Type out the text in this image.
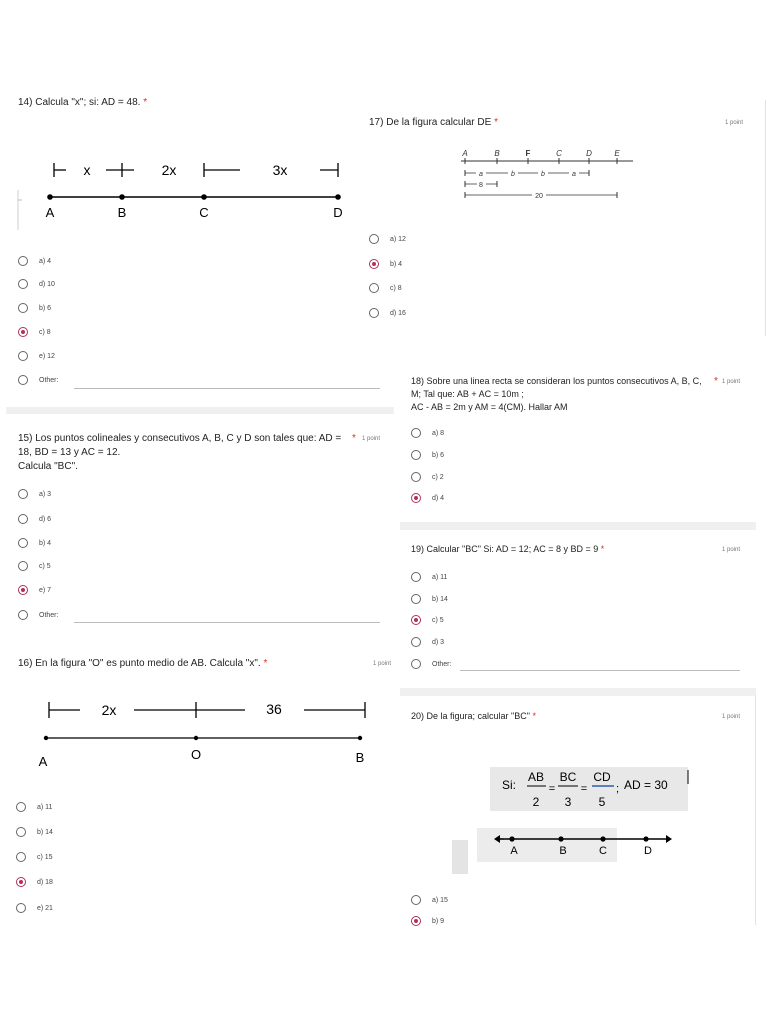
14) Calcula "x"; si: AD = 48. *
x	2x	3x
A	B	C	D
a) 4
d) 10
b) 6
c) 8
e) 12
Other:
15) Los puntos colineales y consecutivos A, B, C y D son tales que: AD = * 1 point
18, BD = 13 y AC = 12.
Calcula "BC".
a) 3
d) 6
b) 4
c) 5
e) 7
Other:
16) En la figura "O" es punto medio de AB. Calcula "x". *	1 point
2x	36
A	O	B
a) 11
b) 14
c) 15
d) 18
e) 21
17) De la figura calcular DE *	1 point
A	B	F	C	D	E
a	b	b	a
8
20
a) 12
b) 4
c) 8
d) 16
18) Sobre una linea recta se consideran los puntos consecutivos A, B, C, * 1 point
M; Tal que: AB + AC = 10m ;
AC - AB = 2m y AM = 4(CM). Hallar AM
a) 8
b) 6
c) 2
d) 4
19) Calcular "BC" Si: AD = 12; AC = 8 y BD = 9 *	1 point
a) 11
b) 14
c) 5
d) 3
Other:
20) De la figura; calcular "BC" *	1 point
Si:
AB
2
=
BC
3
=
CD
5
; AD = 30
A	B	C	D
a) 15
b) 9
